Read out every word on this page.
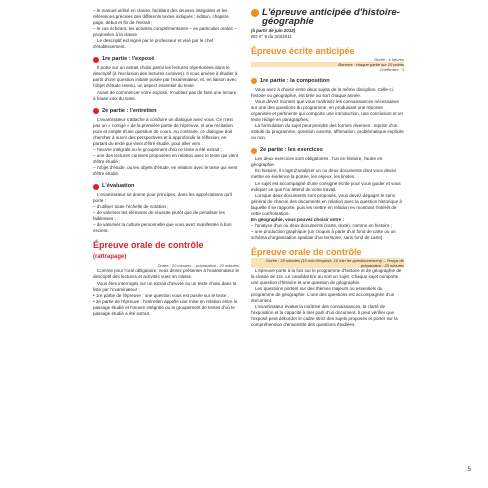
– le manuel utilisé en classe, facilitant des œuvres intégrales et les références précises des différents textes indiqués : édition, chapitre, page, début et fin de l'extrait ;

– le cas échéant, les activités complémentaires – en particulier orales – proposées à la classe.

Le descriptif est signé par le professeur et visé par le chef d'établissement.

1re partie : l'exposé

Il porte sur un extrait choisi parmi les lectures répertoriées dans le descriptif (à l'exclusion des lectures cursives). Il vous amène à étudier à partir d'une question initiale posée par l'examinateur, et, en liaison avec l'objet d'étude retenu, un aspect essentiel du texte.

Avant de commencer votre exposé, n'oubliez pas de faire une lecture à haute voix du texte.

2e partie : l'entretien

L'examinateur s'attache à conduire un dialogue avec vous. Ce n'est pas un « corrigé » de la première partie de l'épreuve, ni une récitation pure et simple d'une question de cours. Au contraire, ce dialogue doit chercher à ouvrir des perspectives et à approfondir la réflexion, en partant du texte qui vient d'être étudié, pour aller vers :

– l'œuvre intégrale ou le groupement d'où ce texte a été extrait ;

– une des lectures cursives proposées en relation avec le texte qui vient d'être étudié ;

– l'objet d'étude, ou les objets d'étude, en relation avec le texte qui vient d'être étudié.

L'évaluation

L'examinateur se donne pour principes, dans les appréciations qu'il porte :

– d'utiliser toute l'échelle de notation ;

– de valoriser les éléments de réussite plutôt que de pénaliser les faiblesses ;

– de valoriser la culture personnelle que vous avez manifestée à bon escient.

Épreuve orale de contrôle (rattrapage)

Durée : 20 minutes – préparation : 20 minutes

Comme pour l'oral obligatoire, vous devez présenter à l'examinateur le descriptif des lectures et activités vues en classe.

Vous êtes interrogés sur un extrait d'œuvre ou un texte choisi dans la liste par l'examinateur :

• 1re partie de l'épreuve : une question vous est posée sur le texte ;

• 2e partie de l'épreuve : l'entretien appelle une mise en relation entre le passage étudié et l'œuvre intégrale ou le groupement de textes d'où le passage étudié a été extrait.

L'épreuve anticipée d'histoire-géographie

(à partir de juin 2012)

BO n° 9 du 3/3/2011

Épreuve écrite anticipée

Durée : 4 heures

Barème : chaque partie sur 10 points

Coefficient : 3

1re partie : la composition

Vous avez à choisir entre deux sujets de la même discipline. Celle-ci, histoire ou géographie, est tirée au sort chaque année.

Vous devez montrer que vous maîtrisez les connaissances nécessaires sur une des questions du programme, en produisant une réponse organisée et pertinente qui comporte une introduction, une conclusion et un texte rédigé en paragraphes.

La formulation du sujet peut prendre des formes diverses : reprise d'un intitulé du programme, question ouverte, affirmation, problématique explicite ou non.

2e partie : les exercices

Les deux exercices sont obligatoires : l'un en histoire, l'autre en géographie.

En histoire, il s'agit d'analyser un ou deux documents dont vous devez mettre en évidence la portée, les enjeux, les limites.

Le sujet est accompagné d'une consigne écrite pour vous guider et vous indiquer ce que l'on attend de votre travail.

Lorsque deux documents sont proposés, vous devez dégager le sens général de chacun des documents en relation avec la question historique à laquelle il se rapporte, puis les mettre en relation en montrant l'intérêt de cette confrontation.

En géographie, vous pouvez choisir entre :

– l'analyse d'un ou deux documents (carte, texte), comme en histoire ;

– une production graphique (un croquis à partir d'un fond de carte ou un schéma d'organisation spatiale d'un territoire, sans fond de carte).

Épreuve orale de contrôle

Durée : 20 minutes (10 min d'exposé, 10 min de questionnement) – Temps de préparation : 20 minutes

L'épreuve porte à la fois sur le programme d'histoire et de géographie de la classe de 1re. Le candidat tire au sort un sujet. Chaque sujet comporte une question d'histoire et une question de géographie.

Les questions portent sur des thèmes majeurs ou essentiels du programme de géographie. L'une des questions est accompagnée d'un document.

L'examinateur évalue la maîtrise des connaissances, la clarté de l'exposition et la capacité à tirer parti d'un document. Il peut vérifier que l'exposé peut déborder le cadre strict des sujets proposés et porter sur la compréhension d'ensemble des questions étudiées.

5
